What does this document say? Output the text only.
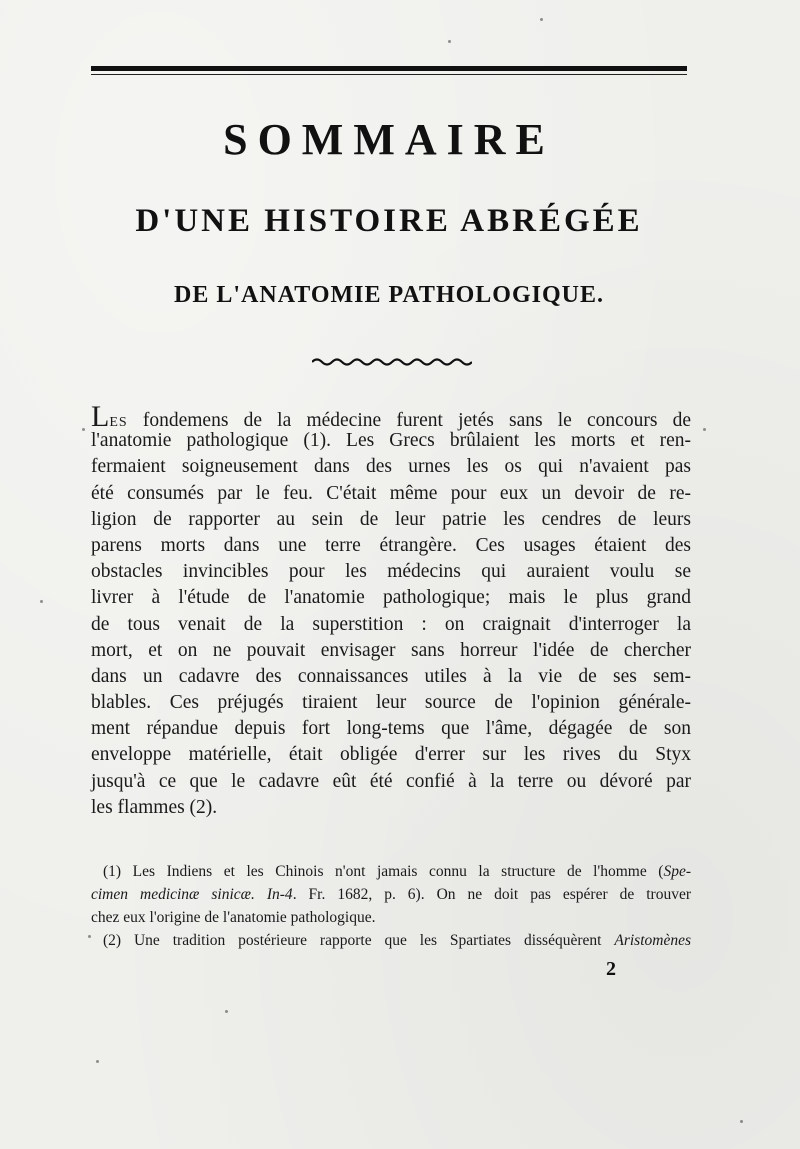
SOMMAIRE
D'UNE HISTOIRE ABRÉGÉE
DE L'ANATOMIE PATHOLOGIQUE.
LES fondemens de la médecine furent jetés sans le concours de
l'anatomie pathologique (1). Les Grecs brûlaient les morts et ren-
fermaient soigneusement dans des urnes les os qui n'avaient pas
été consumés par le feu. C'était même pour eux un devoir de re-
ligion de rapporter au sein de leur patrie les cendres de leurs
parens morts dans une terre étrangère. Ces usages étaient des
obstacles invincibles pour les médecins qui auraient voulu se
livrer à l'étude de l'anatomie pathologique; mais le plus grand
de tous venait de la superstition : on craignait d'interroger la
mort, et on ne pouvait envisager sans horreur l'idée de chercher
dans un cadavre des connaissances utiles à la vie de ses sem-
blables. Ces préjugés tiraient leur source de l'opinion générale-
ment répandue depuis fort long-tems que l'âme, dégagée de son
enveloppe matérielle, était obligée d'errer sur les rives du Styx
jusqu'à ce que le cadavre eût été confié à la terre ou dévoré par
les flammes (2).
(1) Les Indiens et les Chinois n'ont jamais connu la structure de l'homme (Spe-
cimen medicinæ sinicæ. In-4. Fr. 1682, p. 6). On ne doit pas espérer de trouver
chez eux l'origine de l'anatomie pathologique.
(2) Une tradition postérieure rapporte que les Spartiates disséquèrent Aristomènes
2
